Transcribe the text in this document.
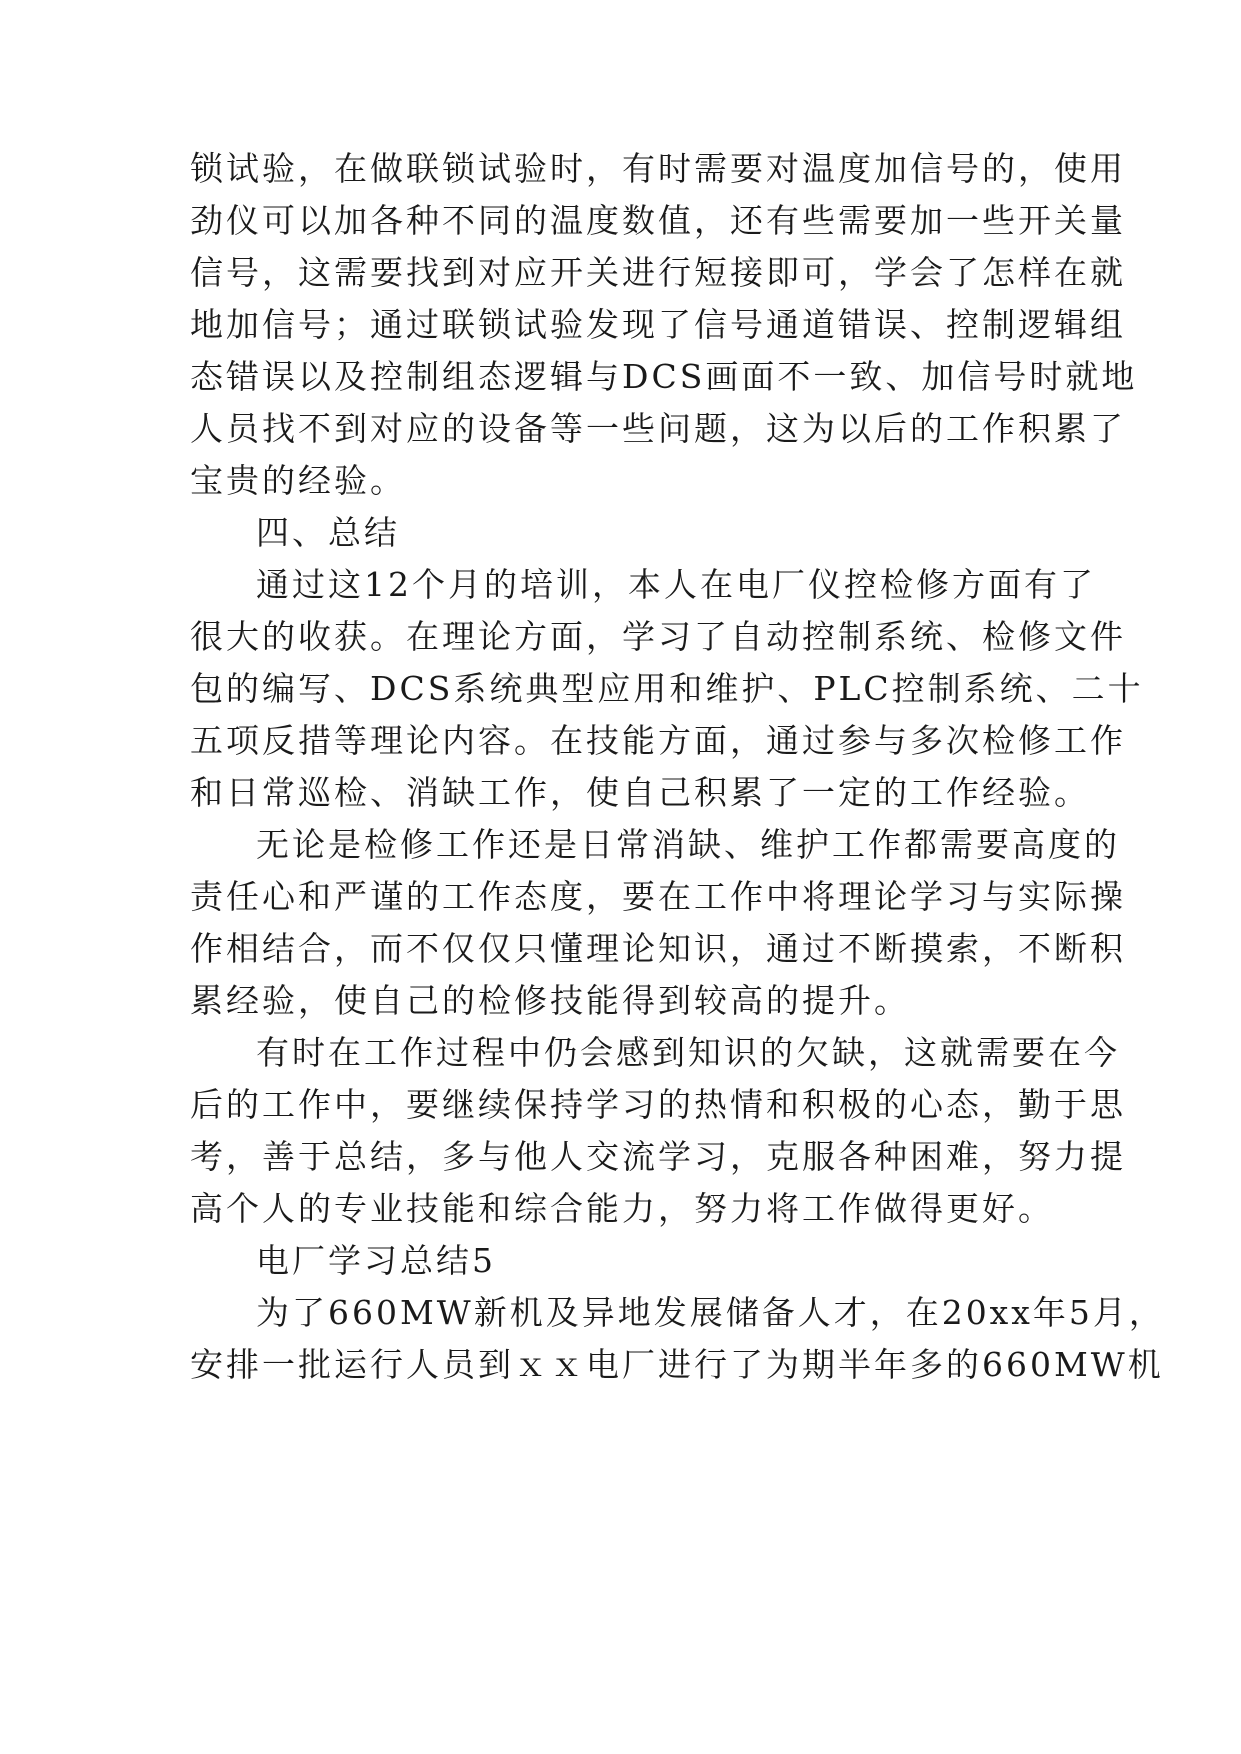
锁试验，在做联锁试验时，有时需要对温度加信号的，使用

劲仪可以加各种不同的温度数值，还有些需要加一些开关量

信号，这需要找到对应开关进行短接即可，学会了怎样在就

地加信号；通过联锁试验发现了信号通道错误、控制逻辑组

态错误以及控制组态逻辑与DCS画面不一致、加信号时就地

人员找不到对应的设备等一些问题，这为以后的工作积累了

宝贵的经验。

四、总结

通过这12个月的培训，本人在电厂仪控检修方面有了

很大的收获。在理论方面，学习了自动控制系统、检修文件

包的编写、DCS系统典型应用和维护、PLC控制系统、二十

五项反措等理论内容。在技能方面，通过参与多次检修工作

和日常巡检、消缺工作，使自己积累了一定的工作经验。

无论是检修工作还是日常消缺、维护工作都需要高度的

责任心和严谨的工作态度，要在工作中将理论学习与实际操

作相结合，而不仅仅只懂理论知识，通过不断摸索，不断积

累经验，使自己的检修技能得到较高的提升。

有时在工作过程中仍会感到知识的欠缺，这就需要在今

后的工作中，要继续保持学习的热情和积极的心态，勤于思

考，善于总结，多与他人交流学习，克服各种困难，努力提

高个人的专业技能和综合能力，努力将工作做得更好。

电厂学习总结5

为了660MW新机及异地发展储备人才，在20xx年5月，

安排一批运行人员到ｘｘ电厂进行了为期半年多的660MW机
